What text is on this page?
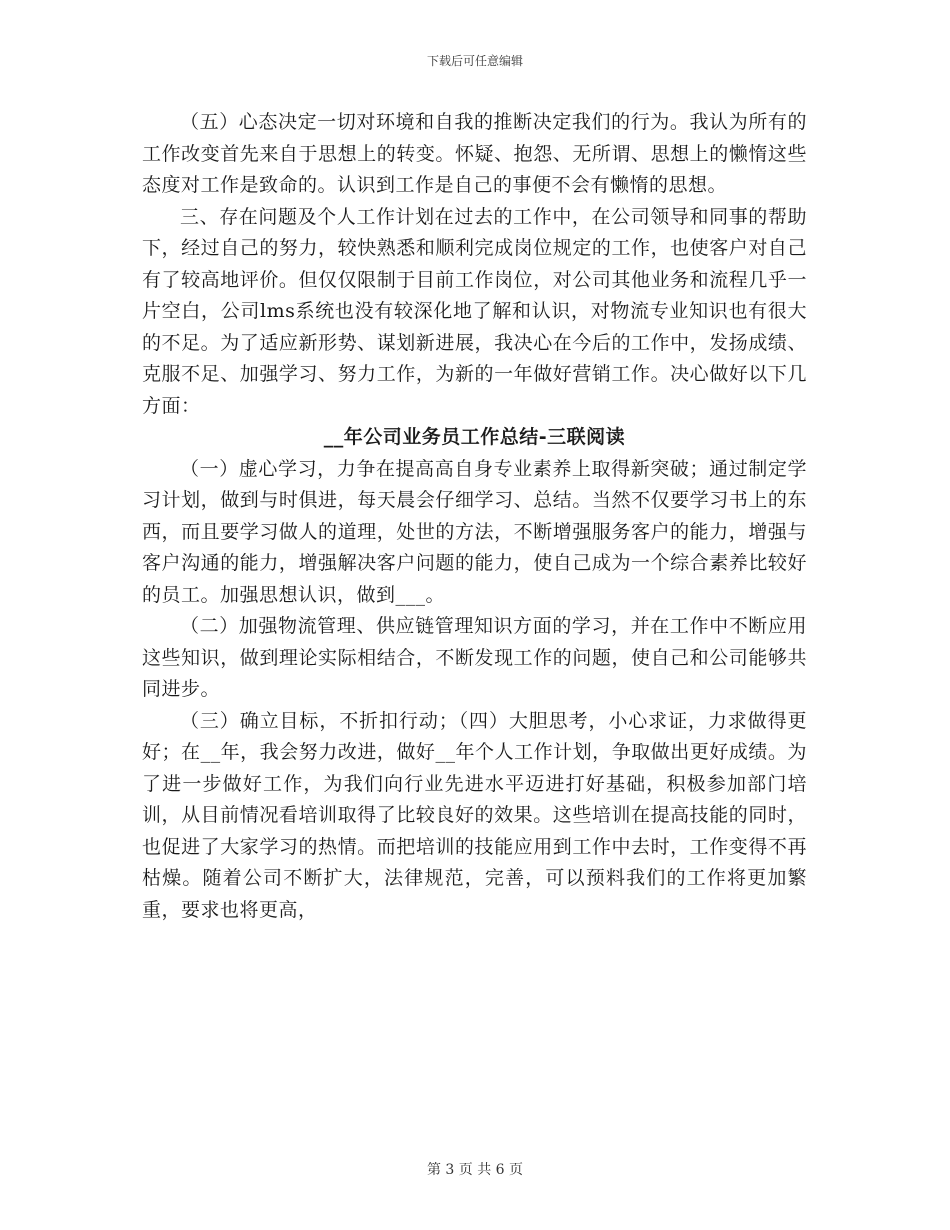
下载后可任意编辑

（五）心态决定一切对环境和自我的推断决定我们的行为。我认为所有的工作改变首先来自于思想上的转变。怀疑、抱怨、无所谓、思想上的懒惰这些态度对工作是致命的。认识到工作是自己的事便不会有懒惰的思想。

三、存在问题及个人工作计划在过去的工作中，在公司领导和同事的帮助下，经过自己的努力，较快熟悉和顺利完成岗位规定的工作，也使客户对自己有了较高地评价。但仅仅限制于目前工作岗位，对公司其他业务和流程几乎一片空白，公司lms系统也没有较深化地了解和认识，对物流专业知识也有很大的不足。为了适应新形势、谋划新进展，我决心在今后的工作中，发扬成绩、克服不足、加强学习、努力工作，为新的一年做好营销工作。决心做好以下几方面：

__年公司业务员工作总结-三联阅读

（一）虚心学习，力争在提高高自身专业素养上取得新突破；通过制定学习计划，做到与时俱进，每天晨会仔细学习、总结。当然不仅要学习书上的东西，而且要学习做人的道理，处世的方法，不断增强服务客户的能力，增强与客户沟通的能力，增强解决客户问题的能力，使自己成为一个综合素养比较好的员工。加强思想认识，做到___。

（二）加强物流管理、供应链管理知识方面的学习，并在工作中不断应用这些知识，做到理论实际相结合，不断发现工作的问题，使自己和公司能够共同进步。

（三）确立目标，不折扣行动；（四）大胆思考，小心求证，力求做得更好；在__年，我会努力改进，做好__年个人工作计划，争取做出更好成绩。为了进一步做好工作，为我们向行业先进水平迈进打好基础，积极参加部门培训，从目前情况看培训取得了比较良好的效果。这些培训在提高技能的同时，也促进了大家学习的热情。而把培训的技能应用到工作中去时，工作变得不再枯燥。随着公司不断扩大，法律规范，完善，可以预料我们的工作将更加繁重，要求也将更高，

第 3 页 共 6 页
